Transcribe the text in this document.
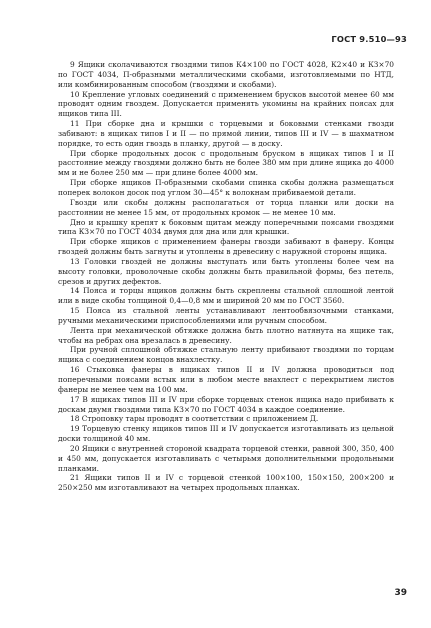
ГОСТ 9.510—93

9 Ящики сколачиваются гвоздями типов К4×100 по ГОСТ 4028, К2×40 и КЗ×70 по ГОСТ 4034, П-образными металлическими скобами, изготовляемыми по НТД, или комбинированным способом (гвоздями и скобами).

10 Крепление угловых соединений с применением брусков высотой менее 60 мм проводят одним гвоздем. Допускается применять укомины на крайних поясах для ящиков типа III.

11 При сборке дна и крышки с торцевыми и боковыми стенками гвозди забивают: в ящиках типов I и II — по прямой линии, типов III и IV — в шахматном порядке, то есть один гвоздь в планку, другой — в доску.

При сборке продольных досок с продольным бруском в ящиках типов I и II расстояние между гвоздями должно быть не более 380 мм при длине ящика до 4000 мм и не более 250 мм — при длине более 4000 мм.

При сборке ящиков П-образными скобами спинка скобы должна размещаться поперек волокон досок под углом 30—45° к волокнам прибиваемой детали.

Гвозди или скобы должны располагаться от торца планки или доски на расстоянии не менее 15 мм, от продольных кромок — не менее 10 мм.

Дно и крышку крепят к боковым щитам между поперечными поясами гвоздями типа КЗ×70 по ГОСТ 4034 двумя для дна или для крышки.

При сборке ящиков с применением фанеры гвозди забивают в фанеру. Концы гвоздей должны быть загнуты и утоплены в древесину с наружной стороны ящика.

13 Головки гвоздей не должны выступать или быть утоплены более чем на высоту головки, проволочные скобы должны быть правильной формы, без петель, срезов и других дефектов.

14 Пояса и торцы ящиков должны быть скреплены стальной сплошной лентой или в виде скобы толщиной 0,4—0,8 мм и шириной 20 мм по ГОСТ 3560.

15 Пояса из стальной ленты устанавливают лентообвязочными станками, ручными механическими приспособлениями или ручным способом.

Лента при механической обтяжке должна быть плотно натянута на ящике так, чтобы на ребрах она врезалась в древесину.

При ручной сплошной обтяжке стальную ленту прибивают гвоздями по торцам ящика с соединением концов внахлестку.

16 Стыковка фанеры в ящиках типов II и IV должна проводиться под поперечными поясами встык или в любом месте внахлест с перекрытием листов фанеры не менее чем на 100 мм.

17 В ящиках типов III и IV при сборке торцевых стенок ящика надо прибивать к доскам двумя гвоздями типа КЗ×70 по ГОСТ 4034 в каждое соединение.

18 Строповку тары проводят в соответствии с приложением Д.

19 Торцевую стенку ящиков типов III и IV допускается изготавливать из цельной доски толщиной 40 мм.

20 Ящики с внутренней стороной квадрата торцевой стенки, равной 300, 350, 400 и 450 мм, допускается изготавливать с четырьмя дополнительными продольными планками.

21 Ящики типов II и IV с торцевой стенкой 100×100, 150×150, 200×200 и 250×250 мм изготавливают на четырех продольных планках.

39
